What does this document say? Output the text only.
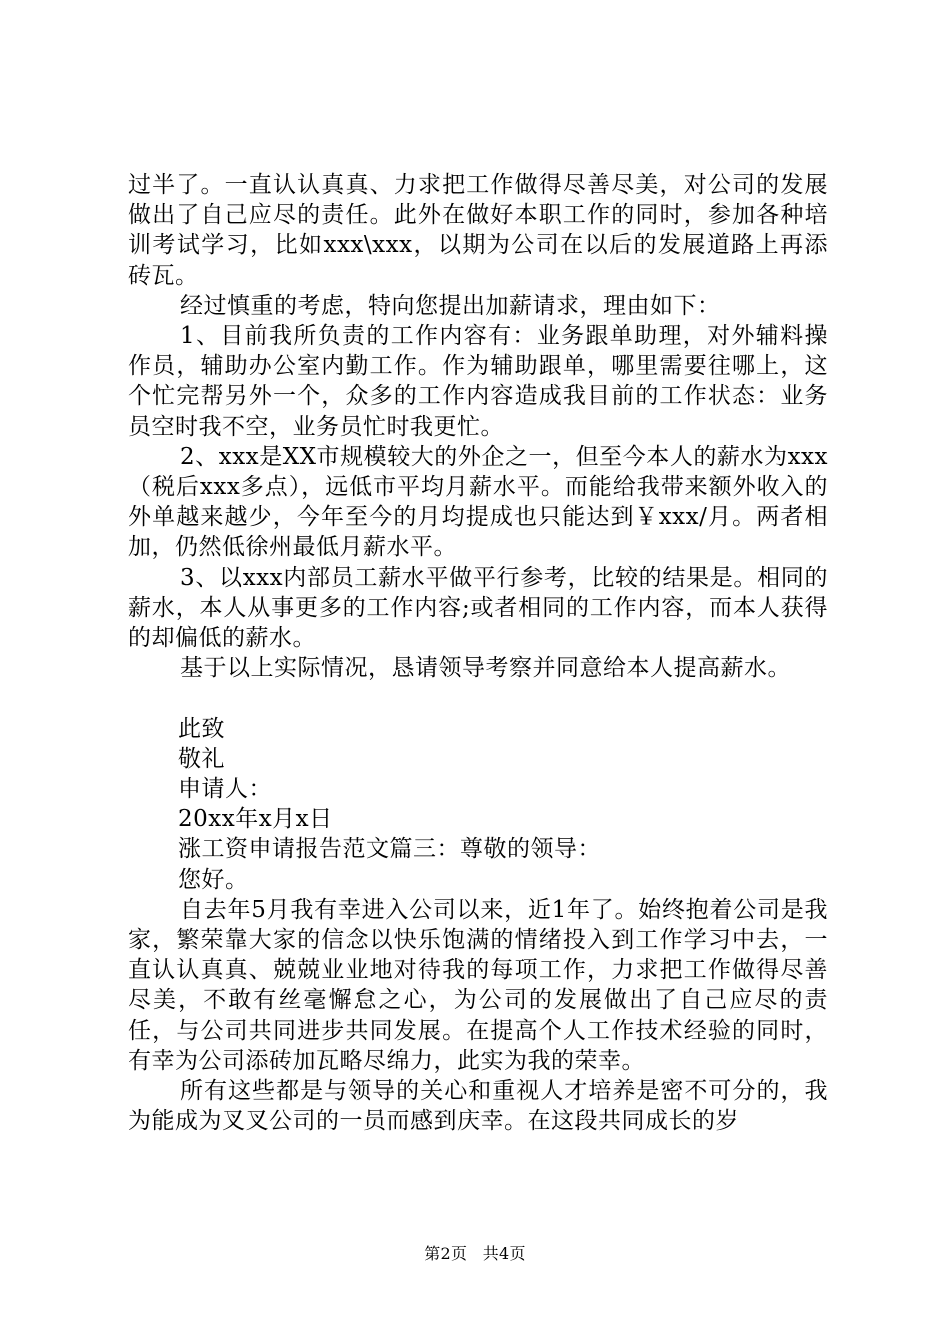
过半了。一直认认真真、力求把工作做得尽善尽美，对公司的发展做出了自己应尽的责任。此外在做好本职工作的同时，参加各种培训考试学习，比如xxx\xxx，以期为公司在以后的发展道路上再添砖瓦。

经过慎重的考虑，特向您提出加薪请求，理由如下：

1、目前我所负责的工作内容有：业务跟单助理，对外辅料操作员，辅助办公室内勤工作。作为辅助跟单，哪里需要往哪上，这个忙完帮另外一个，众多的工作内容造成我目前的工作状态：业务员空时我不空，业务员忙时我更忙。

2、xxx是XX市规模较大的外企之一，但至今本人的薪水为xxx（税后xxx多点），远低市平均月薪水平。而能给我带来额外收入的外单越来越少，今年至今的月均提成也只能达到￥xxx/月。两者相加，仍然低徐州最低月薪水平。

3、以xxx内部员工薪水平做平行参考，比较的结果是。相同的薪水，本人从事更多的工作内容;或者相同的工作内容，而本人获得的却偏低的薪水。

基于以上实际情况，恳请领导考察并同意给本人提高薪水。

此致

敬礼

申请人：

20xx年x月x日

涨工资申请报告范文篇三：尊敬的领导：

您好。

自去年5月我有幸进入公司以来，近1年了。始终抱着公司是我家，繁荣靠大家的信念以快乐饱满的情绪投入到工作学习中去，一直认认真真、兢兢业业地对待我的每项工作，力求把工作做得尽善尽美，不敢有丝毫懈怠之心，为公司的发展做出了自己应尽的责任，与公司共同进步共同发展。在提高个人工作技术经验的同时，有幸为公司添砖加瓦略尽绵力，此实为我的荣幸。

所有这些都是与领导的关心和重视人才培养是密不可分的，我为能成为叉叉公司的一员而感到庆幸。在这段共同成长的岁

第2页 共4页
